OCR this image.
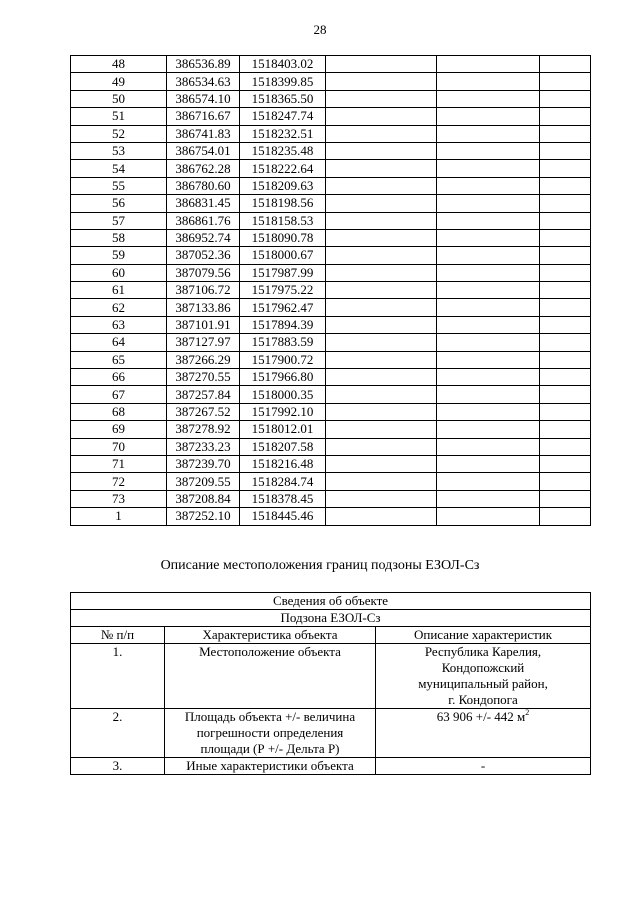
28
48	386536.89	1518403.02			
49	386534.63	1518399.85			
50	386574.10	1518365.50			
51	386716.67	1518247.74			
52	386741.83	1518232.51			
53	386754.01	1518235.48			
54	386762.28	1518222.64			
55	386780.60	1518209.63			
56	386831.45	1518198.56			
57	386861.76	1518158.53			
58	386952.74	1518090.78			
59	387052.36	1518000.67			
60	387079.56	1517987.99			
61	387106.72	1517975.22			
62	387133.86	1517962.47			
63	387101.91	1517894.39			
64	387127.97	1517883.59			
65	387266.29	1517900.72			
66	387270.55	1517966.80			
67	387257.84	1518000.35			
68	387267.52	1517992.10			
69	387278.92	1518012.01			
70	387233.23	1518207.58			
71	387239.70	1518216.48			
72	387209.55	1518284.74			
73	387208.84	1518378.45			
1	387252.10	1518445.46			
Описание местоположения границ подзоны ЕЗОЛ-Сз
Сведения об объекте		
Подзона ЕЗОЛ-Сз		
№ п/п	Характеристика объекта	Описание характеристик
1.	Местоположение объекта	Республика Карелия,
Кондопожский
муниципальный район,
г. Кондопога

2.	Площадь объекта +/- величина
погрешности определения
площади (Р +/- Дельта Р)	63 906 +/- 442 $м^2$
3.	Иные характеристики объекта	-
